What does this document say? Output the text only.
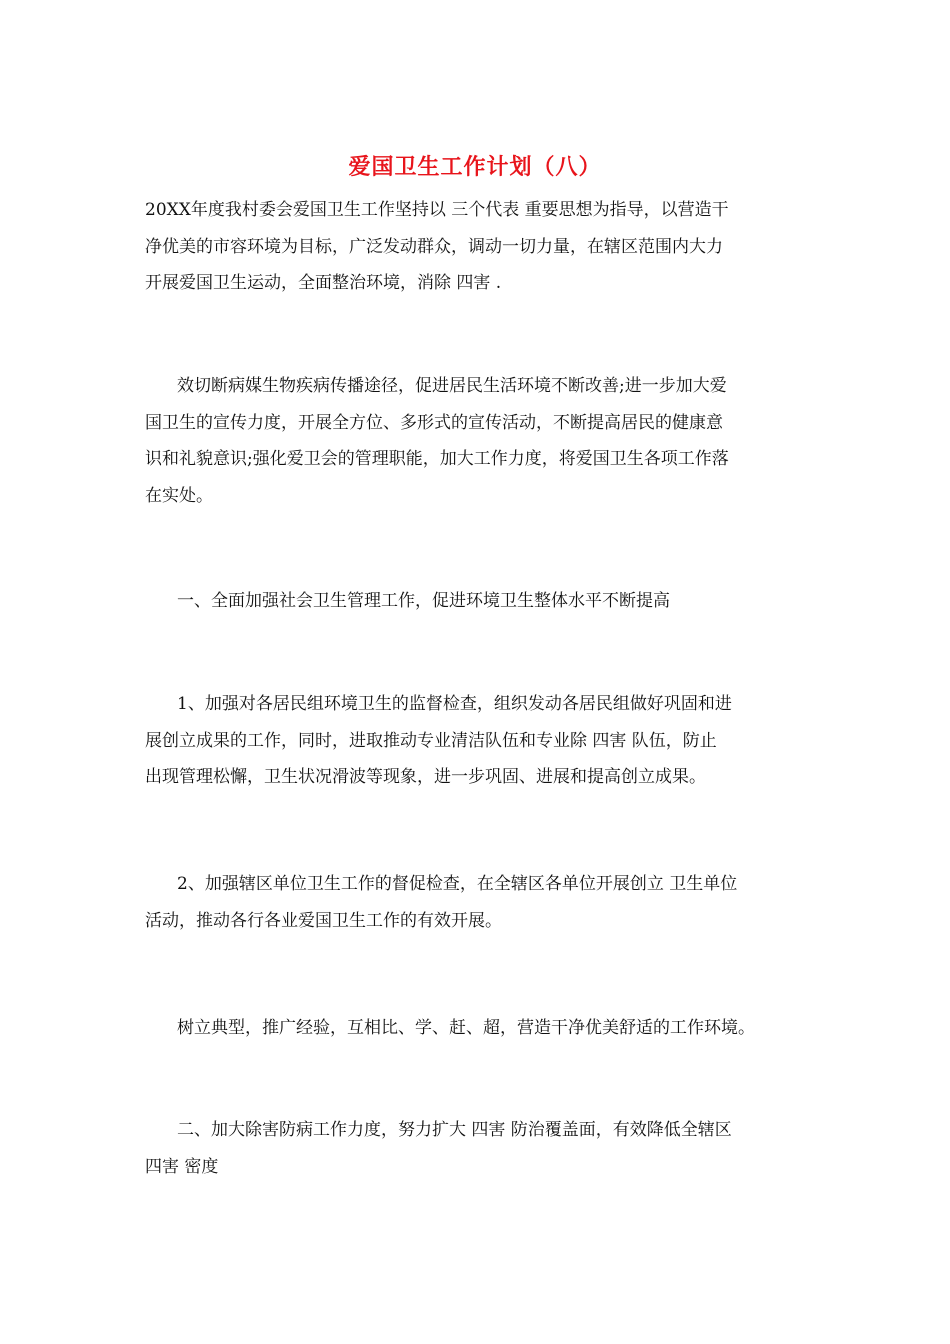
爱国卫生工作计划（八）
20XX年度我村委会爱国卫生工作坚持以 三个代表 重要思想为指导，以营造干
净优美的市容环境为目标，广泛发动群众，调动一切力量，在辖区范围内大力
开展爱国卫生运动，全面整治环境，消除 四害 .
效切断病媒生物疾病传播途径，促进居民生活环境不断改善;进一步加大爱
国卫生的宣传力度，开展全方位、多形式的宣传活动，不断提高居民的健康意
识和礼貌意识;强化爱卫会的管理职能，加大工作力度，将爱国卫生各项工作落
在实处。
一、全面加强社会卫生管理工作，促进环境卫生整体水平不断提高
1、加强对各居民组环境卫生的监督检查，组织发动各居民组做好巩固和进
展创立成果的工作，同时，进取推动专业清洁队伍和专业除 四害 队伍，防止
出现管理松懈，卫生状况滑波等现象，进一步巩固、进展和提高创立成果。
2、加强辖区单位卫生工作的督促检查，在全辖区各单位开展创立 卫生单位
活动，推动各行各业爱国卫生工作的有效开展。
树立典型，推广经验，互相比、学、赶、超，营造干净优美舒适的工作环境。
二、加大除害防病工作力度，努力扩大 四害 防治覆盖面，有效降低全辖区
四害 密度
